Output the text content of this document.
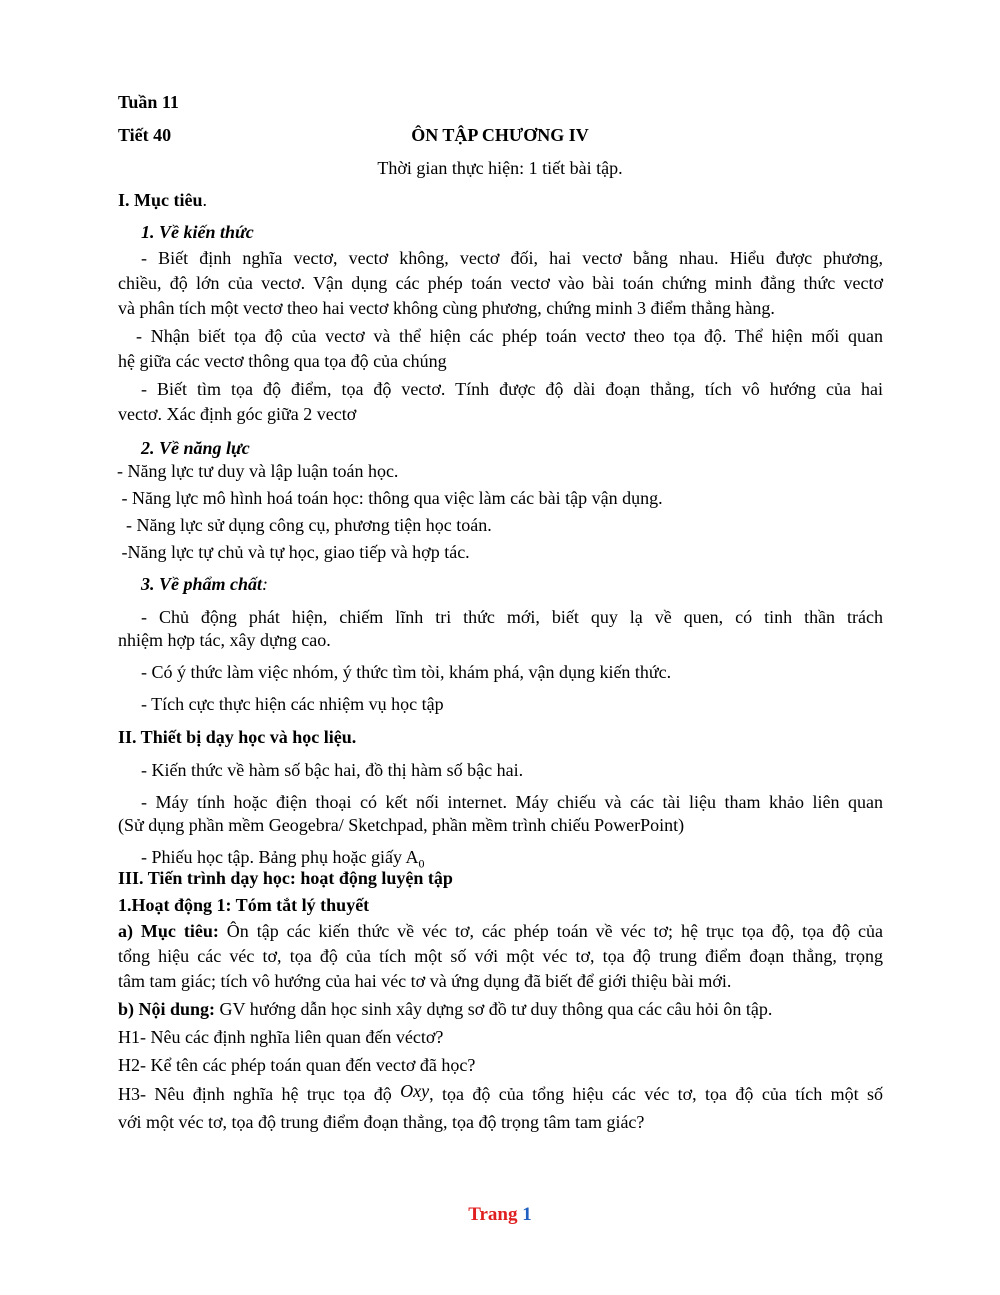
Tuần 11
Tiết 40	ÔN TẬP CHƯƠNG IV
Thời gian thực hiện: 1 tiết bài tập.
I. Mục tiêu.
1. Về kiến thức
- Biết định nghĩa vectơ, vectơ không, vectơ đối, hai vectơ bằng nhau. Hiểu được phương,
chiều, độ lớn của vectơ. Vận dụng các phép toán vectơ vào bài toán chứng minh đẳng thức vectơ
và phân tích một vectơ theo hai vectơ không cùng phương, chứng minh 3 điểm thẳng hàng.
- Nhận biết tọa độ của vectơ và thể hiện các phép toán vectơ theo tọa độ. Thể hiện mối quan
hệ giữa các vectơ thông qua tọa độ của chúng
- Biết tìm tọa độ điểm, tọa độ vectơ. Tính được độ dài đoạn thẳng, tích vô hướng của hai
vectơ. Xác định góc giữa 2 vectơ
2. Về năng lực
- Năng lực tư duy và lập luận toán học.
- Năng lực mô hình hoá toán học: thông qua việc làm các bài tập vận dụng.
- Năng lực sử dụng công cụ, phương tiện học toán.
-Năng lực tự chủ và tự học, giao tiếp và hợp tác.
3. Về phẩm chất:
- Chủ động phát hiện, chiếm lĩnh tri thức mới, biết quy lạ về quen, có tinh thần trách
nhiệm hợp tác, xây dựng cao.
- Có ý thức làm việc nhóm, ý thức tìm tòi, khám phá, vận dụng kiến thức.
- Tích cực thực hiện các nhiệm vụ học tập
II. Thiết bị dạy học và học liệu.
- Kiến thức về hàm số bậc hai, đồ thị hàm số bậc hai.
- Máy tính hoặc điện thoại có kết nối internet. Máy chiếu và các tài liệu tham khảo liên quan
(Sử dụng phần mềm Geogebra/ Sketchpad, phần mềm trình chiếu PowerPoint)
- Phiếu học tập. Bảng phụ hoặc giấy $A_0$
III. Tiến trình dạy học: hoạt động luyện tập
1.Hoạt động 1: Tóm tắt lý thuyết
a) Mục tiêu: Ôn tập các kiến thức về véc tơ, các phép toán về véc tơ; hệ trục tọa độ, tọa độ của
tổng hiệu các véc tơ, tọa độ của tích một số với một véc tơ, tọa độ trung điểm đoạn thẳng, trọng
tâm tam giác; tích vô hướng của hai véc tơ và ứng dụng đã biết để giới thiệu bài mới.
b) Nội dung: GV hướng dẫn học sinh xây dựng sơ đồ tư duy thông qua các câu hỏi ôn tập.
H1- Nêu các định nghĩa liên quan đến véctơ?
H2- Kể tên các phép toán quan đến vectơ đã học?
H3- Nêu định nghĩa hệ trục tọa độ Oxy, tọa độ của tổng hiệu các véc tơ, tọa độ của tích một số
với một véc tơ, tọa độ trung điểm đoạn thẳng, tọa độ trọng tâm tam giác?
Trang 1
